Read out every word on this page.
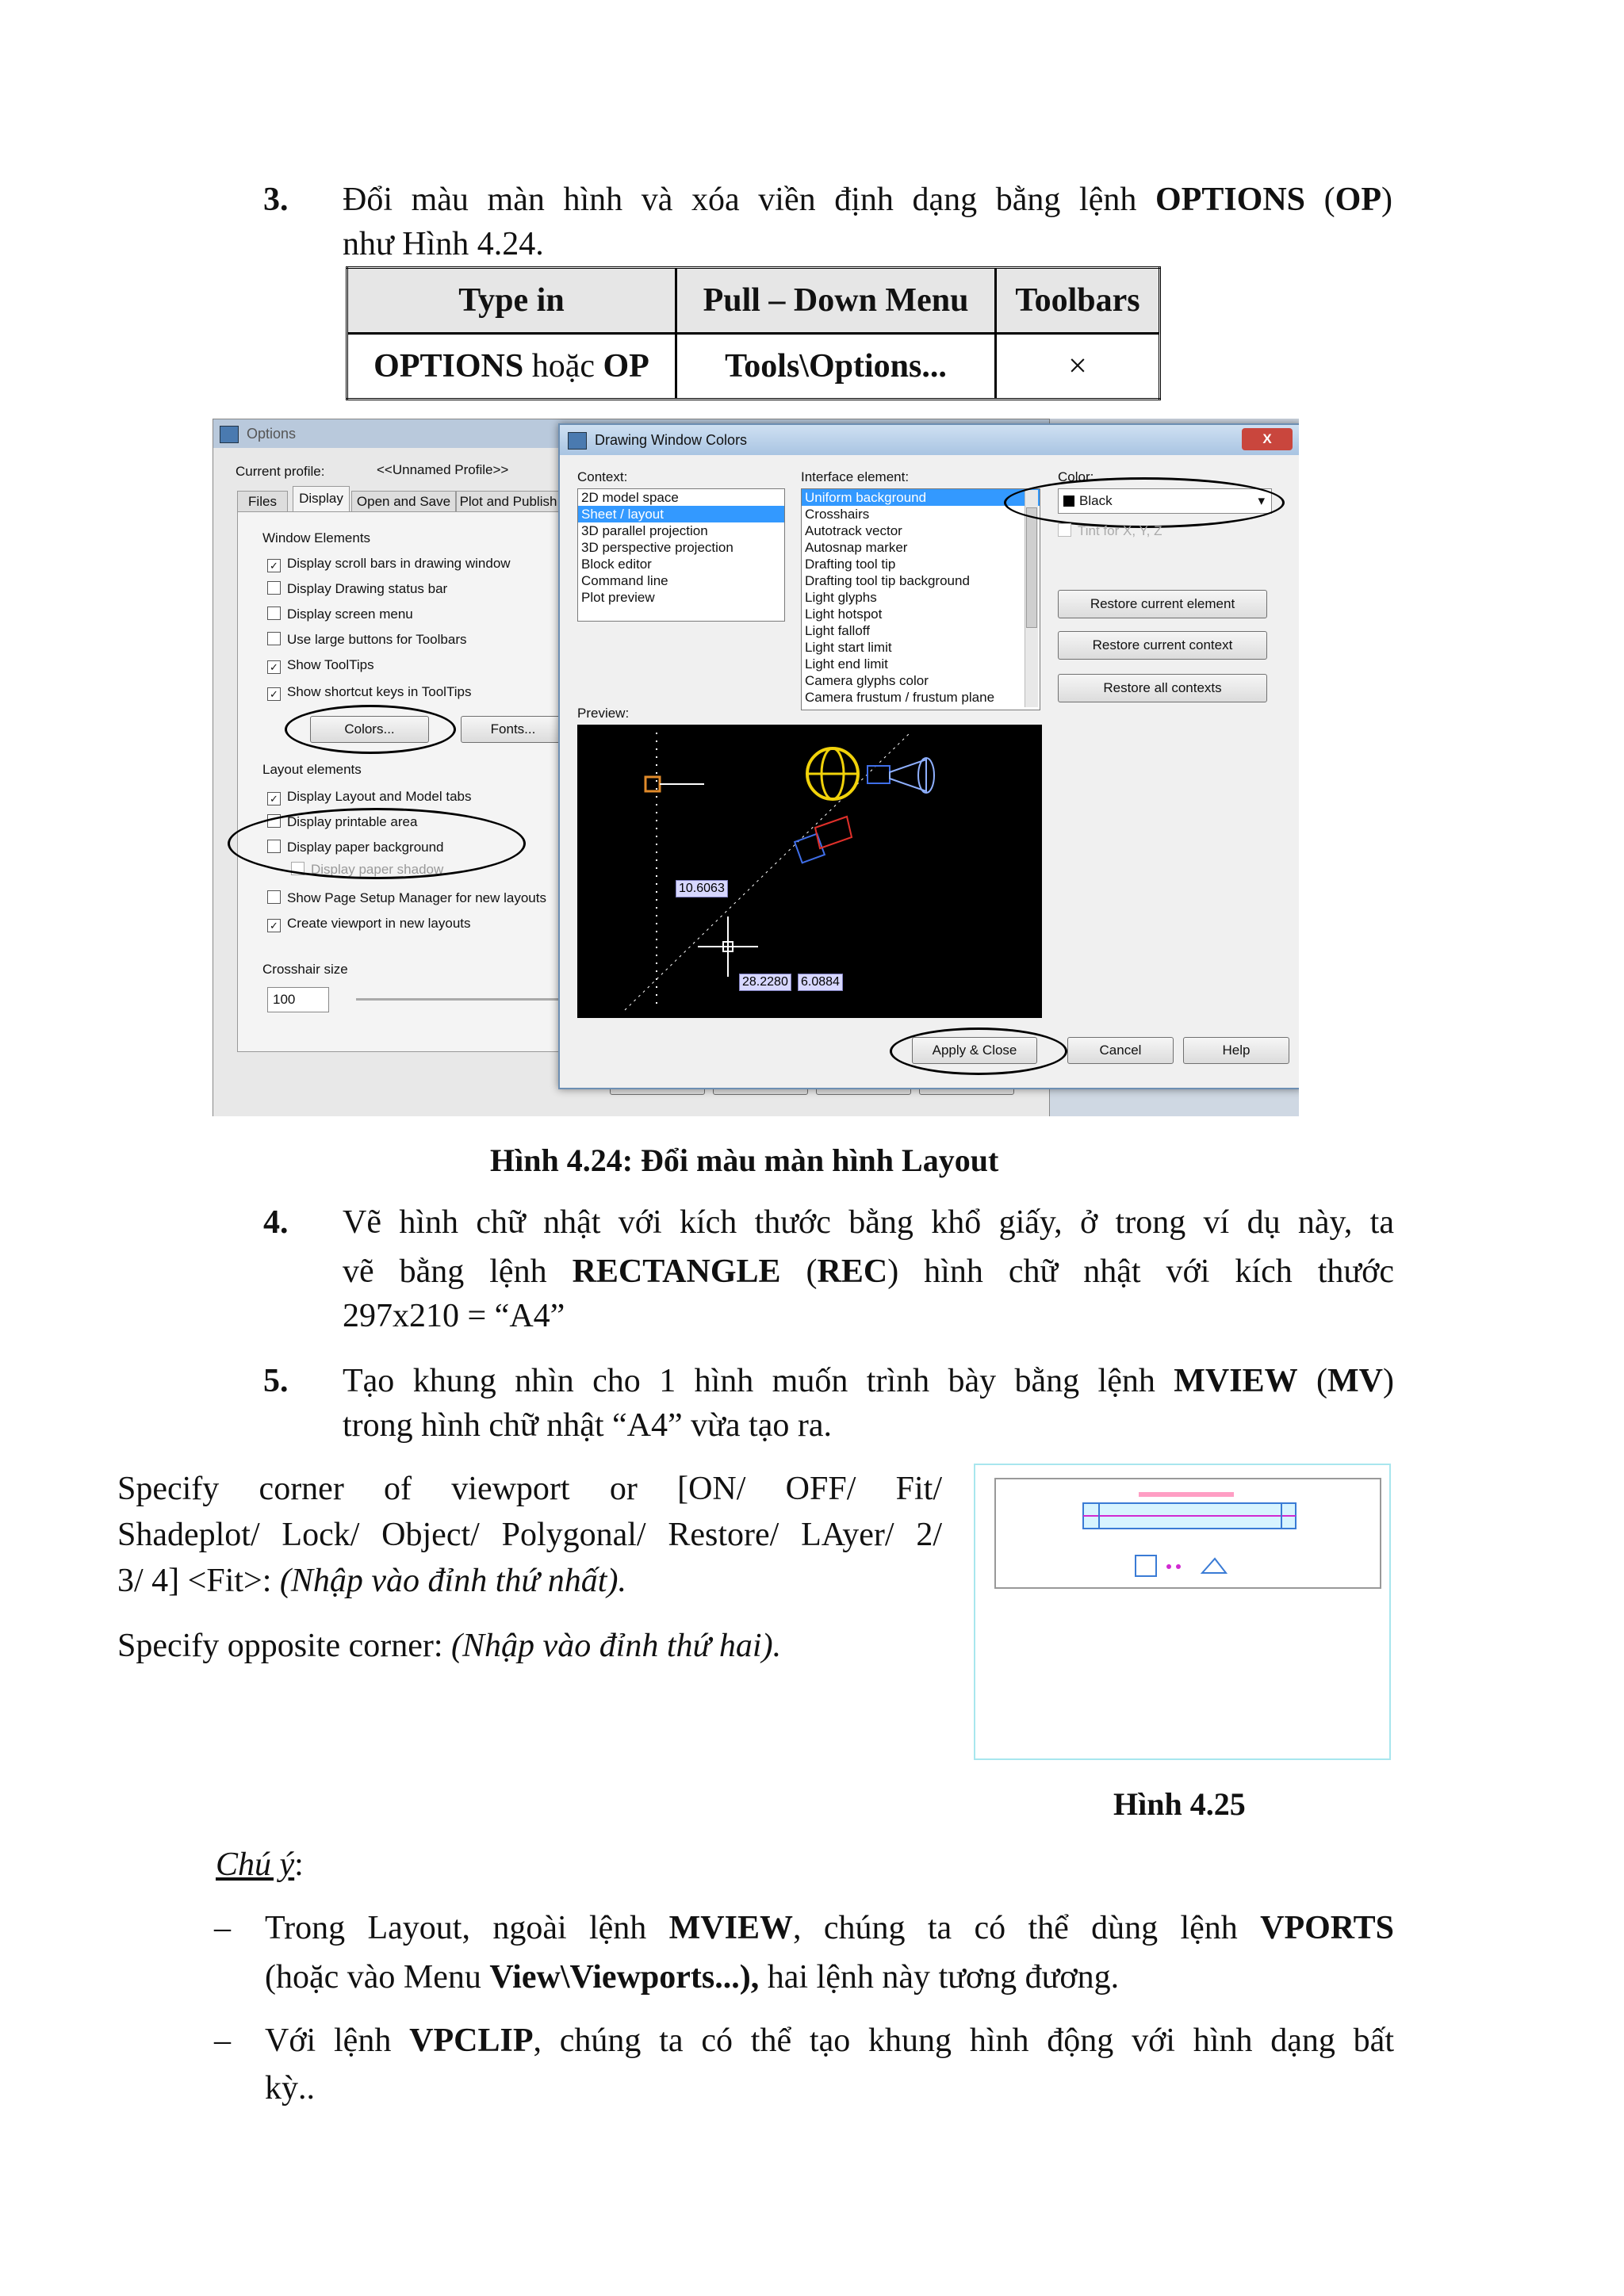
3. Đổi màu màn hình và xóa viền định dạng bằng lệnh OPTIONS (OP)
như Hình 4.24.
Type in	Pull – Down Menu	Toolbars
OPTIONS hoặc OP	Tools\Options...	×
Options
Current profile:	<<Unnamed Profile>>
Files	Display	Open and Save Plot and Publish
Window Elements
✓ Display scroll bars in drawing window
Display Drawing status bar
Display screen menu
Use large buttons for Toolbars
✓ Show ToolTips
✓ Show shortcut keys in ToolTips
Colors...	Fonts...
Layout elements
✓ Display Layout and Model tabs
Display printable area
Display paper background
Display paper shadow
Show Page Setup Manager for new layouts
✓ Create viewport in new layouts
Crosshair size
100
Drawing Window Colors	X
Context:
2D model space
Sheet / layout
3D parallel projection
3D perspective projection
Block editor
Command line
Plot preview
Interface element:
Uniform background
Crosshairs
Autotrack vector
Autosnap marker
Drafting tool tip
Drafting tool tip background
Light glyphs
Light hotspot
Light falloff
Light start limit
Light end limit
Camera glyphs color
Camera frustum / frustum plane
Color:
Black	▾
Tint for X, Y, Z
Restore current element
Restore current context
Restore all contexts
Preview:
10.6063
28.2280 6.0884
Apply & Close	Cancel	Help
Hình 4.24: Đổi màu màn hình Layout
4. Vẽ hình chữ nhật với kích thước bằng khổ giấy, ở trong ví dụ này, ta
vẽ bằng lệnh RECTANGLE (REC) hình chữ nhật với kích thước
297x210 = “A4”
5. Tạo khung nhìn cho 1 hình muốn trình bày bằng lệnh MVIEW (MV)
trong hình chữ nhật “A4” vừa tạo ra.
Specify corner of viewport or [ON/ OFF/ Fit/
Shadeplot/ Lock/ Object/ Polygonal/ Restore/ LAyer/ 2/
3/ 4] <Fit>: (Nhập vào đỉnh thứ nhất).
Specify opposite corner: (Nhập vào đỉnh thứ hai).
Hình 4.25
Chú ý:
– Trong Layout, ngoài lệnh MVIEW, chúng ta có thể dùng lệnh VPORTS
(hoặc vào Menu View\Viewports...), hai lệnh này tương đương.
– Với lệnh VPCLIP, chúng ta có thể tạo khung hình động với hình dạng bất
kỳ..
